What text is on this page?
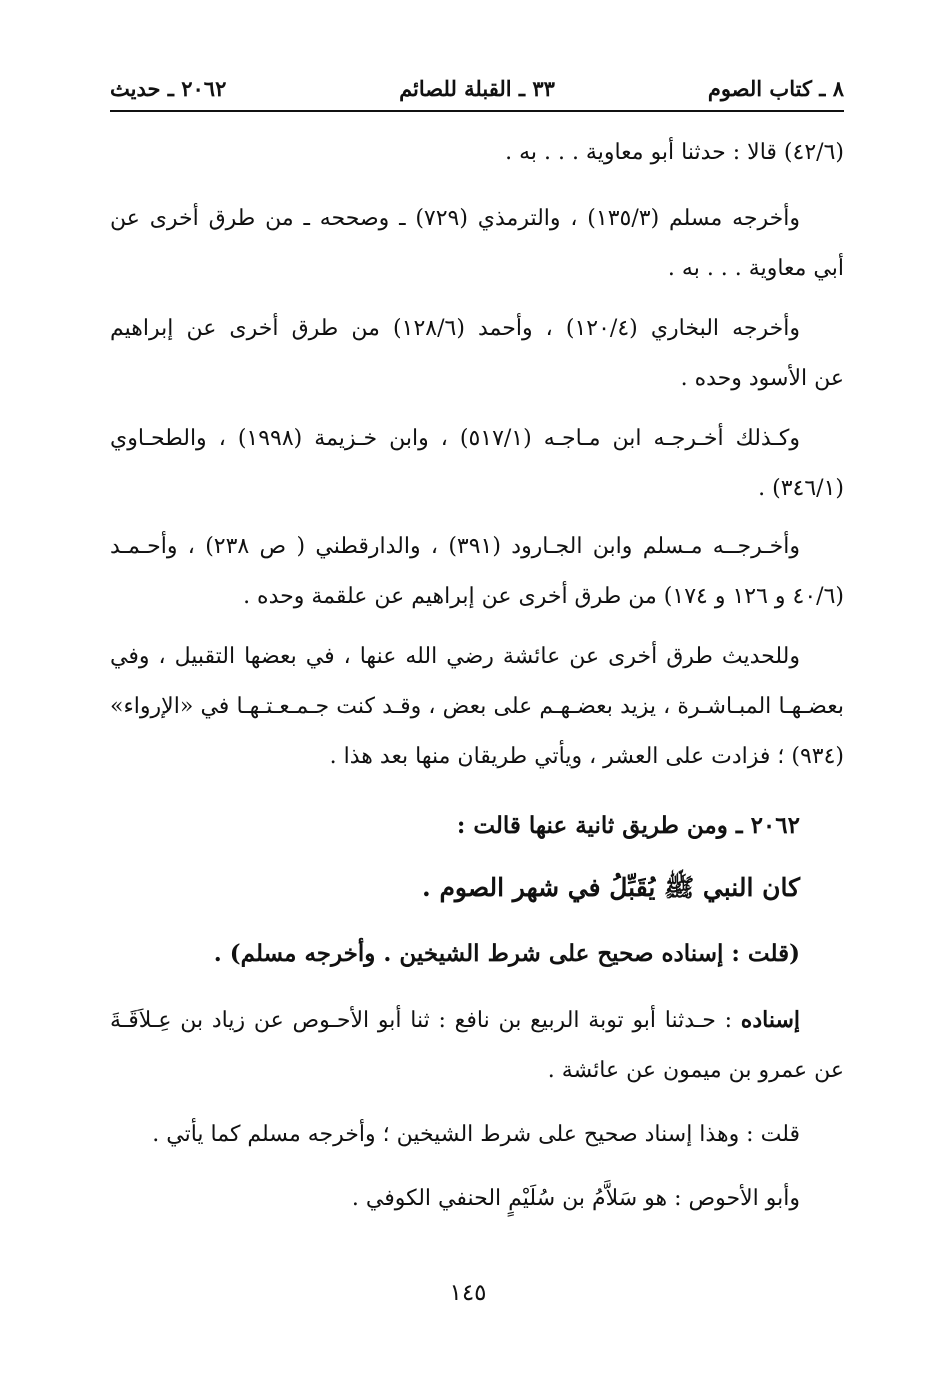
٨ ـ كتاب الصوم
٣٣ ـ القبلة للصائم
٢٠٦٢ ـ حديث
(٤٢/٦) قالا : حدثنا أبو معاوية . . . به .
وأخرجه مسلم (١٣٥/٣) ، والترمذي (٧٢٩) ـ وصححه ـ من طرق أخرى عن
أبي معاوية . . . به .
وأخرجه البخاري (١٢٠/٤) ، وأحمد (١٢٨/٦) من طرق أخرى عن إبراهيم
عن الأسود وحده .
وكـذلك أخـرجـه ابن مـاجـه (٥١٧/١) ، وابن خـزيمة (١٩٩٨) ، والطحـاوي
(٣٤٦/١) .
وأخـرجــه مـسلم وابن الجـارود (٣٩١) ، والدارقطني ( ص ٢٣٨) ، وأحـمـد
(٤٠/٦ و ١٢٦ و ١٧٤) من طرق أخرى عن إبراهيم عن علقمة وحده .
وللحديث طرق أخرى عن عائشة رضي الله عنها ، في بعضها التقبيل ، وفي
بعضـهـا المبـاشـرة ، يزيد بعضـهـم على بعض ، وقـد كنت جـمـعـتـهـا في «الإرواء»
(٩٣٤) ؛ فزادت على العشر ، ويأتي طريقان منها بعد هذا .
٢٠٦٢ ـ ومن طريق ثانية عنها قالت :
كان النبي ﷺ يُقَبِّلُ في شهر الصوم .
(قلت : إسناده صحيح على شرط الشيخين . وأخرجه مسلم) .
إسناده : حـدثنا أبو توبة الربيع بن نافع : ثنا أبو الأحـوص عن زياد بن عِـلاَقَـةَ
عن عمرو بن ميمون عن عائشة .
قلت : وهذا إسناد صحيح على شرط الشيخين ؛ وأخرجه مسلم كما يأتي .
وأبو الأحوص : هو سَلاَّمُ بن سُلَيْمٍ الحنفي الكوفي .
١٤٥
